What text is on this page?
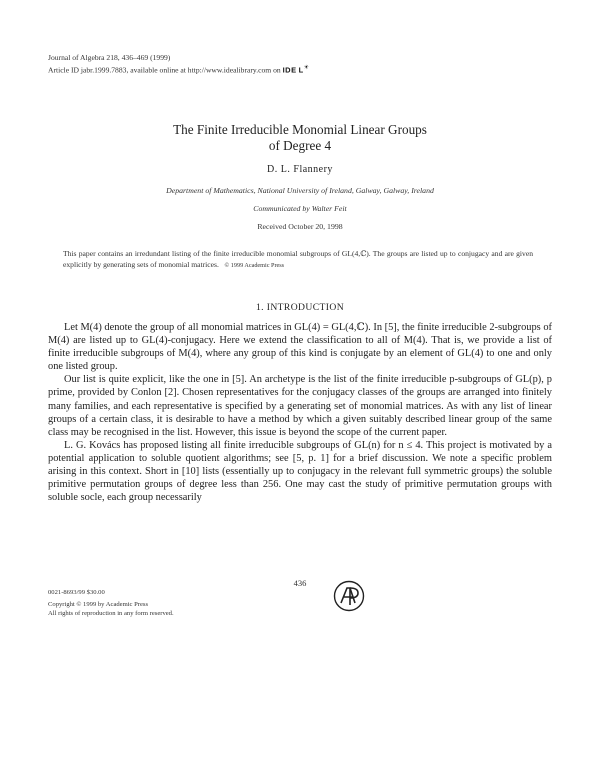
Journal of Algebra 218, 436–469 (1999)
Article ID jabr.1999.7883, available online at http://www.idealibrary.com on IDE L☀
The Finite Irreducible Monomial Linear Groups
of Degree 4
D. L. Flannery
Department of Mathematics, National University of Ireland, Galway, Galway, Ireland
Communicated by Walter Feit
Received October 20, 1998
This paper contains an irredundant listing of the finite irreducible monomial subgroups of GL(4,ℂ). The groups are listed up to conjugacy and are given explicitly by generating sets of monomial matrices. © 1999 Academic Press
1. INTRODUCTION

Let M(4) denote the group of all monomial matrices in GL(4) = GL(4,ℂ). In [5], the finite irreducible 2-subgroups of M(4) are listed up to GL(4)-conjugacy. Here we extend the classification to all of M(4). That is, we provide a list of finite irreducible subgroups of M(4), where any group of this kind is conjugate by an element of GL(4) to one and only one listed group.

Our list is quite explicit, like the one in [5]. An archetype is the list of the finite irreducible p-subgroups of GL(p), p prime, provided by Conlon [2]. Chosen representatives for the conjugacy classes of the groups are arranged into finitely many families, and each representative is specified by a generating set of monomial matrices. As with any list of linear groups of a certain class, it is desirable to have a method by which a given suitably described linear group of the same class may be recognised in the list. However, this issue is beyond the scope of the current paper.

L. G. Kovács has proposed listing all finite irreducible subgroups of GL(n) for n ≤ 4. This project is motivated by a potential application to soluble quotient algorithms; see [5, p. 1] for a brief discussion. We note a specific problem arising in this context. Short in [10] lists (essentially up to conjugacy in the relevant full symmetric groups) the soluble primitive permutation groups of degree less than 256. One may cast the study of primitive permutation groups with soluble socle, each group necessarily

436
0021-8693/99 $30.00
Copyright © 1999 by Academic Press
All rights of reproduction in any form reserved.
